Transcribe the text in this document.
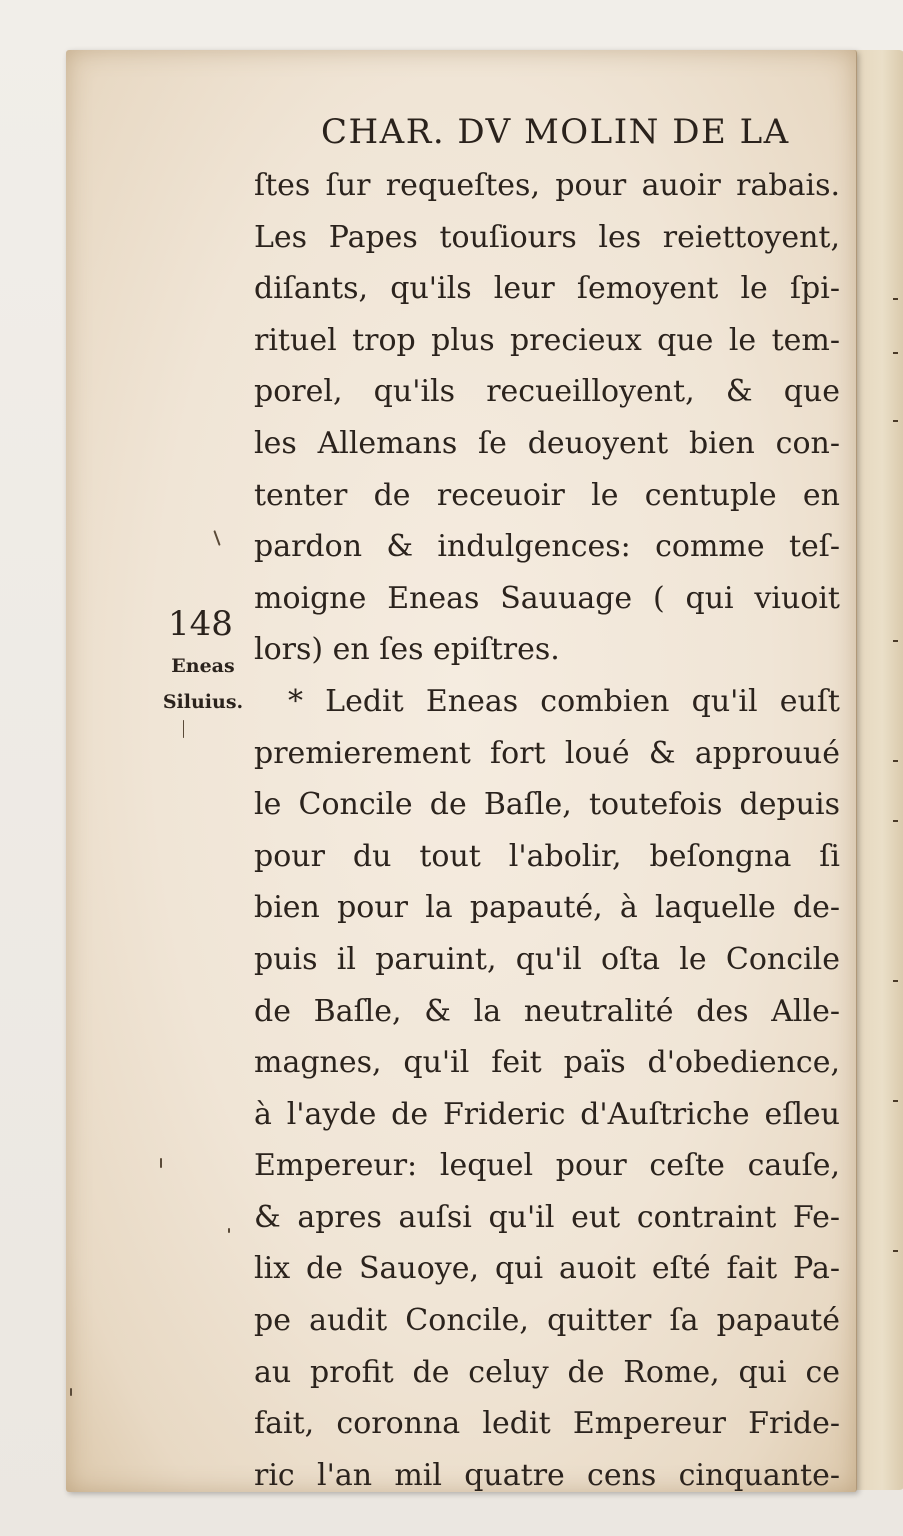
CHAR. DV MOLIN DE LA
ſtes ſur requeſtes, pour auoir rabais.
Les Papes touſiours les reiettoyent,
diſants, qu'ils leur ſemoyent le ſpi-
rituel trop plus precieux que le tem-
porel, qu'ils recueilloyent, & que
les Allemans ſe deuoyent bien con-
tenter de receuoir le centuple en
pardon & indulgences: comme teſ-
moigne Eneas Sauuage ( qui viuoit
lors) en ſes epiſtres.
* Ledit Eneas combien qu'il euſt
premierement fort loué & approuué
le Concile de Baſle, toutefois depuis
pour du tout l'abolir, beſongna ſi
bien pour la papauté, à laquelle de-
puis il paruint, qu'il oſta le Concile
de Baſle, & la neutralité des Alle-
magnes, qu'il feit païs d'obedience,
à l'ayde de Frideric d'Auſtriche eſleu
Empereur: lequel pour ceſte cauſe,
& apres auſsi qu'il eut contraint Fe-
lix de Sauoye, qui auoit eſté fait Pa-
pe audit Concile, quitter ſa papauté
au profit de celuy de Rome, qui ce
fait, coronna ledit Empereur Fride-
ric l'an mil quatre cens cinquante-
148
Eneas
Siluius.
